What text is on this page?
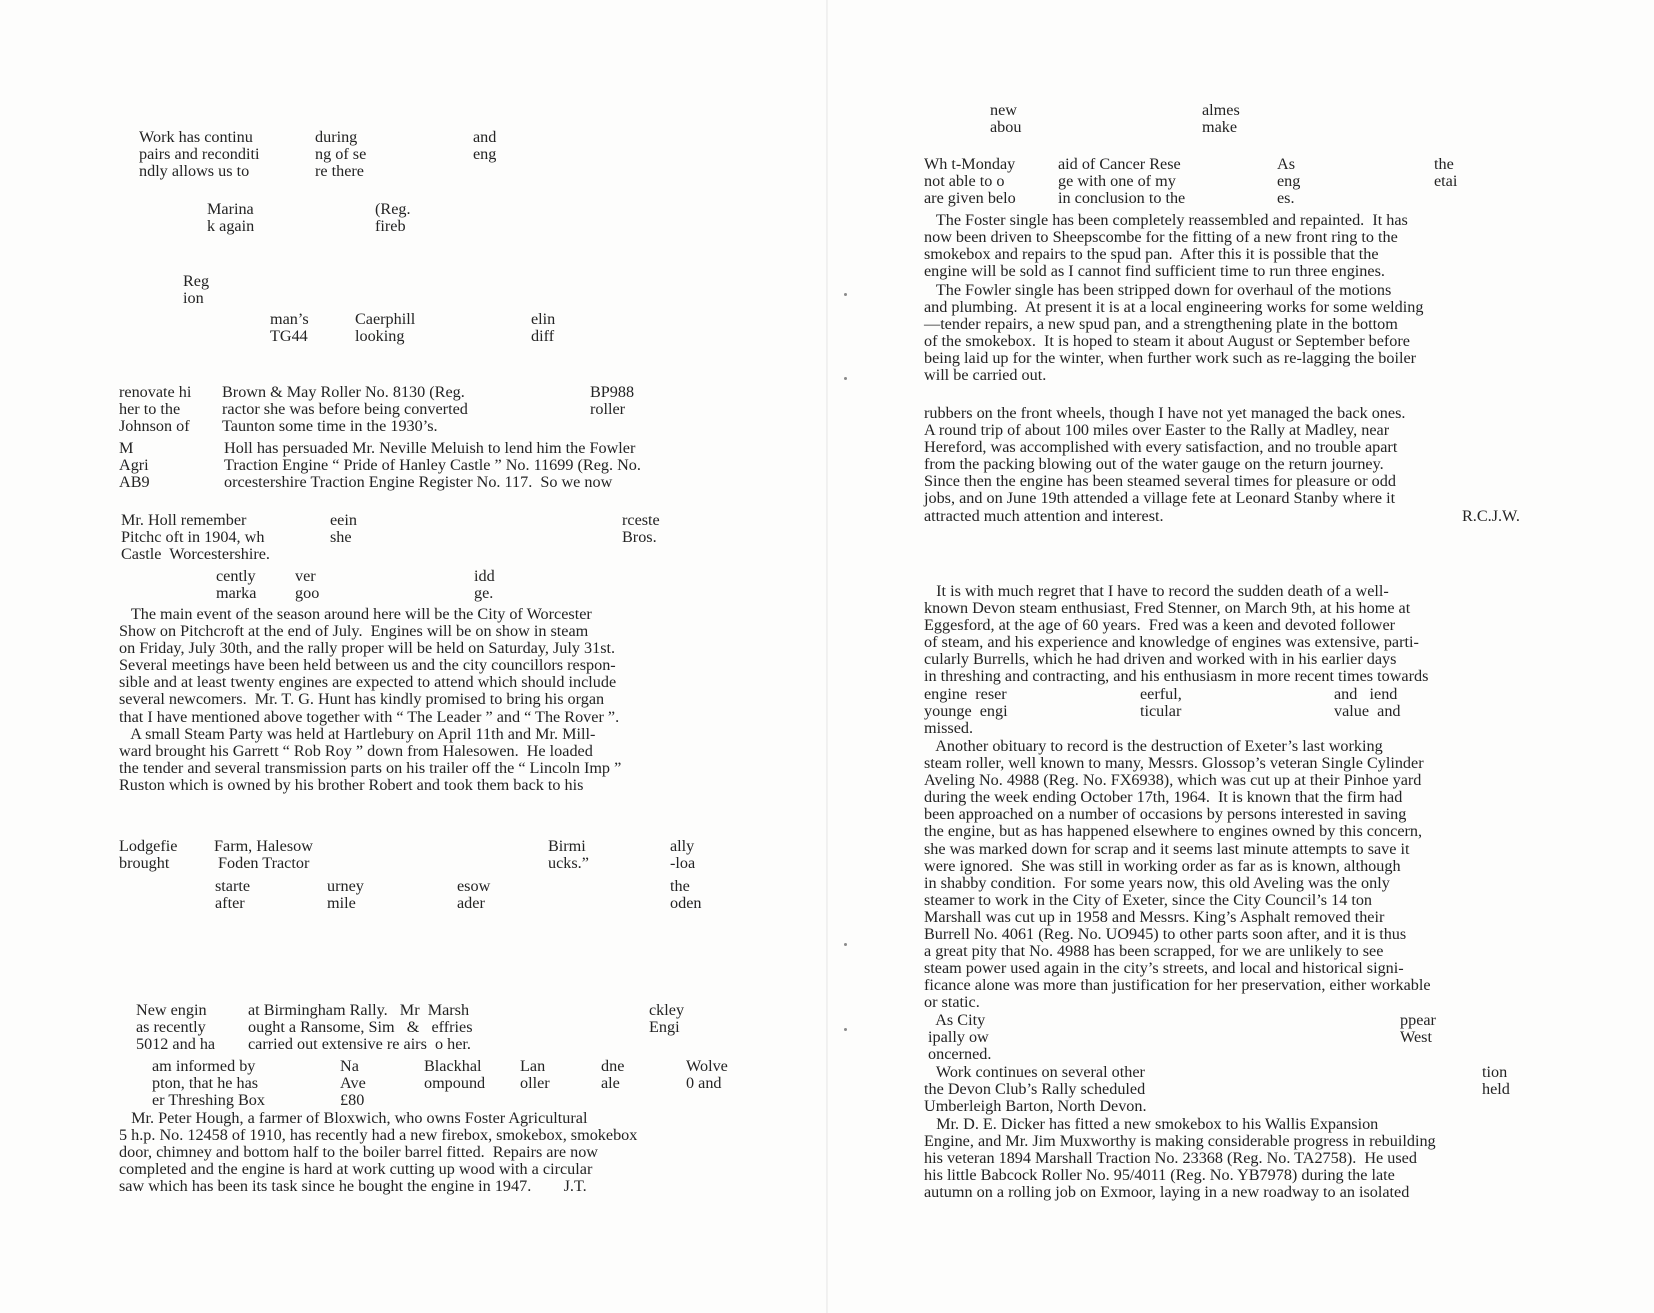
Work has continu
pairs and reconditi
ndly allows us to
during
ng of se
re there
and
eng
Marina
k again
(Reg.
fireb
Reg
ion
man’s
TG44
Caerphill
looking
elin
diff
renovate hi
her to the
Johnson of
Brown & May Roller No. 8130 (Reg.
ractor she was before being converted
Taunton some time in the 1930’s.
BP988
roller
M
Agri
AB9
Holl has persuaded Mr. Neville Meluish to lend him the Fowler
Traction Engine “ Pride of Hanley Castle ” No. 11699 (Reg. No.
orcestershire Traction Engine Register No. 117.  So we now
Mr. Holl remember
Pitchc oft in 1904, wh
Castle  Worcestershire.
eein
she
rceste
Bros.
cently
marka
ver
goo
idd
ge.
The main event of the season around here will be the City of Worcester
Show on Pitchcroft at the end of July.  Engines will be on show in steam
on Friday, July 30th, and the rally proper will be held on Saturday, July 31st.
Several meetings have been held between us and the city councillors respon-
sible and at least twenty engines are expected to attend which should include
several newcomers.  Mr. T. G. Hunt has kindly promised to bring his organ
that I have mentioned above together with “ The Leader ” and “ The Rover ”.
A small Steam Party was held at Hartlebury on April 11th and Mr. Mill-
ward brought his Garrett “ Rob Roy ” down from Halesowen.  He loaded
the tender and several transmission parts on his trailer off the “ Lincoln Imp ”
Ruston which is owned by his brother Robert and took them back to his
Lodgefie
brought
Farm, Halesow
Foden Tractor
Birmi
ucks.”
ally
-loa
starte
after
urney
mile
esow
ader
the
oden
New engin
as recently
5012 and ha
at Birmingham Rally.   Mr  Marsh
ought a Ransome, Sim   &   effries
carried out extensive re airs  o her.
ckley
Engi
am informed by
pton, that he has
er Threshing Box
Na
Ave
£80
Blackhal
ompound
Lan
oller
dne
ale
Wolve
0 and
Mr. Peter Hough, a farmer of Bloxwich, who owns Foster Agricultural
5 h.p. No. 12458 of 1910, has recently had a new firebox, smokebox, smokebox
door, chimney and bottom half to the boiler barrel fitted.  Repairs are now
completed and the engine is hard at work cutting up wood with a circular
saw which has been its task since he bought the engine in 1947.        J.T.
new
abou
almes
make
Wh t-Monday
not able to o
are given belo
aid of Cancer Rese
ge with one of my
in conclusion to the
As
eng
es.
the
etai
The Foster single has been completely reassembled and repainted.  It has
now been driven to Sheepscombe for the fitting of a new front ring to the
smokebox and repairs to the spud pan.  After this it is possible that the
engine will be sold as I cannot find sufficient time to run three engines.
The Fowler single has been stripped down for overhaul of the motions
and plumbing.  At present it is at a local engineering works for some welding
—tender repairs, a new spud pan, and a strengthening plate in the bottom
of the smokebox.  It is hoped to steam it about August or September before
being laid up for the winter, when further work such as re-lagging the boiler
will be carried out.
rubbers on the front wheels, though I have not yet managed the back ones.
A round trip of about 100 miles over Easter to the Rally at Madley, near
Hereford, was accomplished with every satisfaction, and no trouble apart
from the packing blowing out of the water gauge on the return journey.
Since then the engine has been steamed several times for pleasure or odd
jobs, and on June 19th attended a village fete at Leonard Stanby where it
attracted much attention and interest.	R.C.J.W.
It is with much regret that I have to record the sudden death of a well-
known Devon steam enthusiast, Fred Stenner, on March 9th, at his home at
Eggesford, at the age of 60 years.  Fred was a keen and devoted follower
of steam, and his experience and knowledge of engines was extensive, parti-
cularly Burrells, which he had driven and worked with in his earlier days
in threshing and contracting, and his enthusiasm in more recent times towards
engine  reser
younge  engi
missed.
eerful,
ticular
and   iend
value  and
Another obituary to record is the destruction of Exeter’s last working
steam roller, well known to many, Messrs. Glossop’s veteran Single Cylinder
Aveling No. 4988 (Reg. No. FX6938), which was cut up at their Pinhoe yard
during the week ending October 17th, 1964.  It is known that the firm had
been approached on a number of occasions by persons interested in saving
the engine, but as has happened elsewhere to engines owned by this concern,
she was marked down for scrap and it seems last minute attempts to save it
were ignored.  She was still in working order as far as is known, although
in shabby condition.  For some years now, this old Aveling was the only
steamer to work in the City of Exeter, since the City Council’s 14 ton
Marshall was cut up in 1958 and Messrs. King’s Asphalt removed their
Burrell No. 4061 (Reg. No. UO945) to other parts soon after, and it is thus
a great pity that No. 4988 has been scrapped, for we are unlikely to see
steam power used again in the city’s streets, and local and historical signi-
ficance alone was more than justification for her preservation, either workable
or static.
As City
ipally ow
oncerned.
ppear
West
Work continues on several other
the Devon Club’s Rally scheduled
Umberleigh Barton, North Devon.
tion
held
Mr. D. E. Dicker has fitted a new smokebox to his Wallis Expansion
Engine, and Mr. Jim Muxworthy is making considerable progress in rebuilding
his veteran 1894 Marshall Traction No. 23368 (Reg. No. TA2758).  He used
his little Babcock Roller No. 95/4011 (Reg. No. YB7978) during the late
autumn on a rolling job on Exmoor, laying in a new roadway to an isolated
